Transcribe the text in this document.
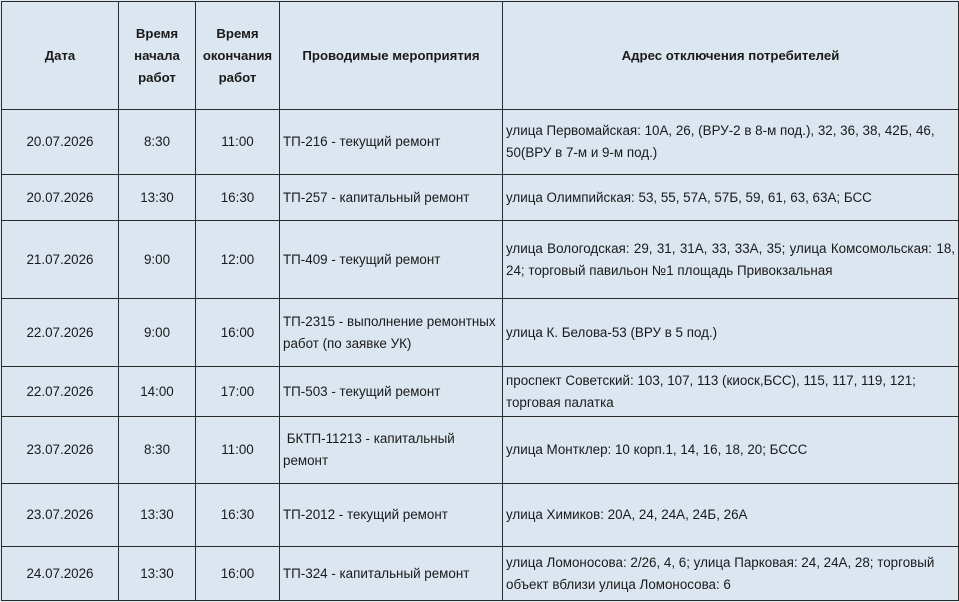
Дата	Время
начала
работ	Время
окончания
работ	Проводимые мероприятия	Адрес отключения потребителей
20.07.2026	8:30	11:00	ТП-216 - текущий ремонт	улица Первомайская: 10А, 26, (ВРУ-2 в 8-м под.), 32, 36, 38, 42Б, 46, 50(ВРУ в 7-м и 9-м под.)
20.07.2026	13:30	16:30	ТП-257 - капитальный ремонт	улица Олимпийская: 53, 55, 57А, 57Б, 59, 61, 63, 63А; БСС
21.07.2026	9:00	12:00	ТП-409 - текущий ремонт	улица Вологодская: 29, 31, 31А, 33, 33А, 35; улица Комсомольская: 18, 24; торговый павильон №1 площадь Привокзальная
22.07.2026	9:00	16:00	ТП-2315 - выполнение ремонтных работ (по заявке УК)	улица К. Белова-53 (ВРУ в 5 под.)
22.07.2026	14:00	17:00	ТП-503 - текущий ремонт	проспект Советский: 103, 107, 113 (киоск,БСС), 115, 117, 119, 121; торговая палатка
23.07.2026	8:30	11:00	БКТП-11213 - капитальный ремонт	улица Монтклер: 10 корп.1, 14, 16, 18, 20; БССС
23.07.2026	13:30	16:30	ТП-2012 - текущий ремонт	улица Химиков: 20А, 24, 24А, 24Б, 26А
24.07.2026	13:30	16:00	ТП-324 - капитальный ремонт	улица Ломоносова: 2/26, 4, 6; улица Парковая: 24, 24А, 28; торговый объект вблизи улица Ломоносова: 6
